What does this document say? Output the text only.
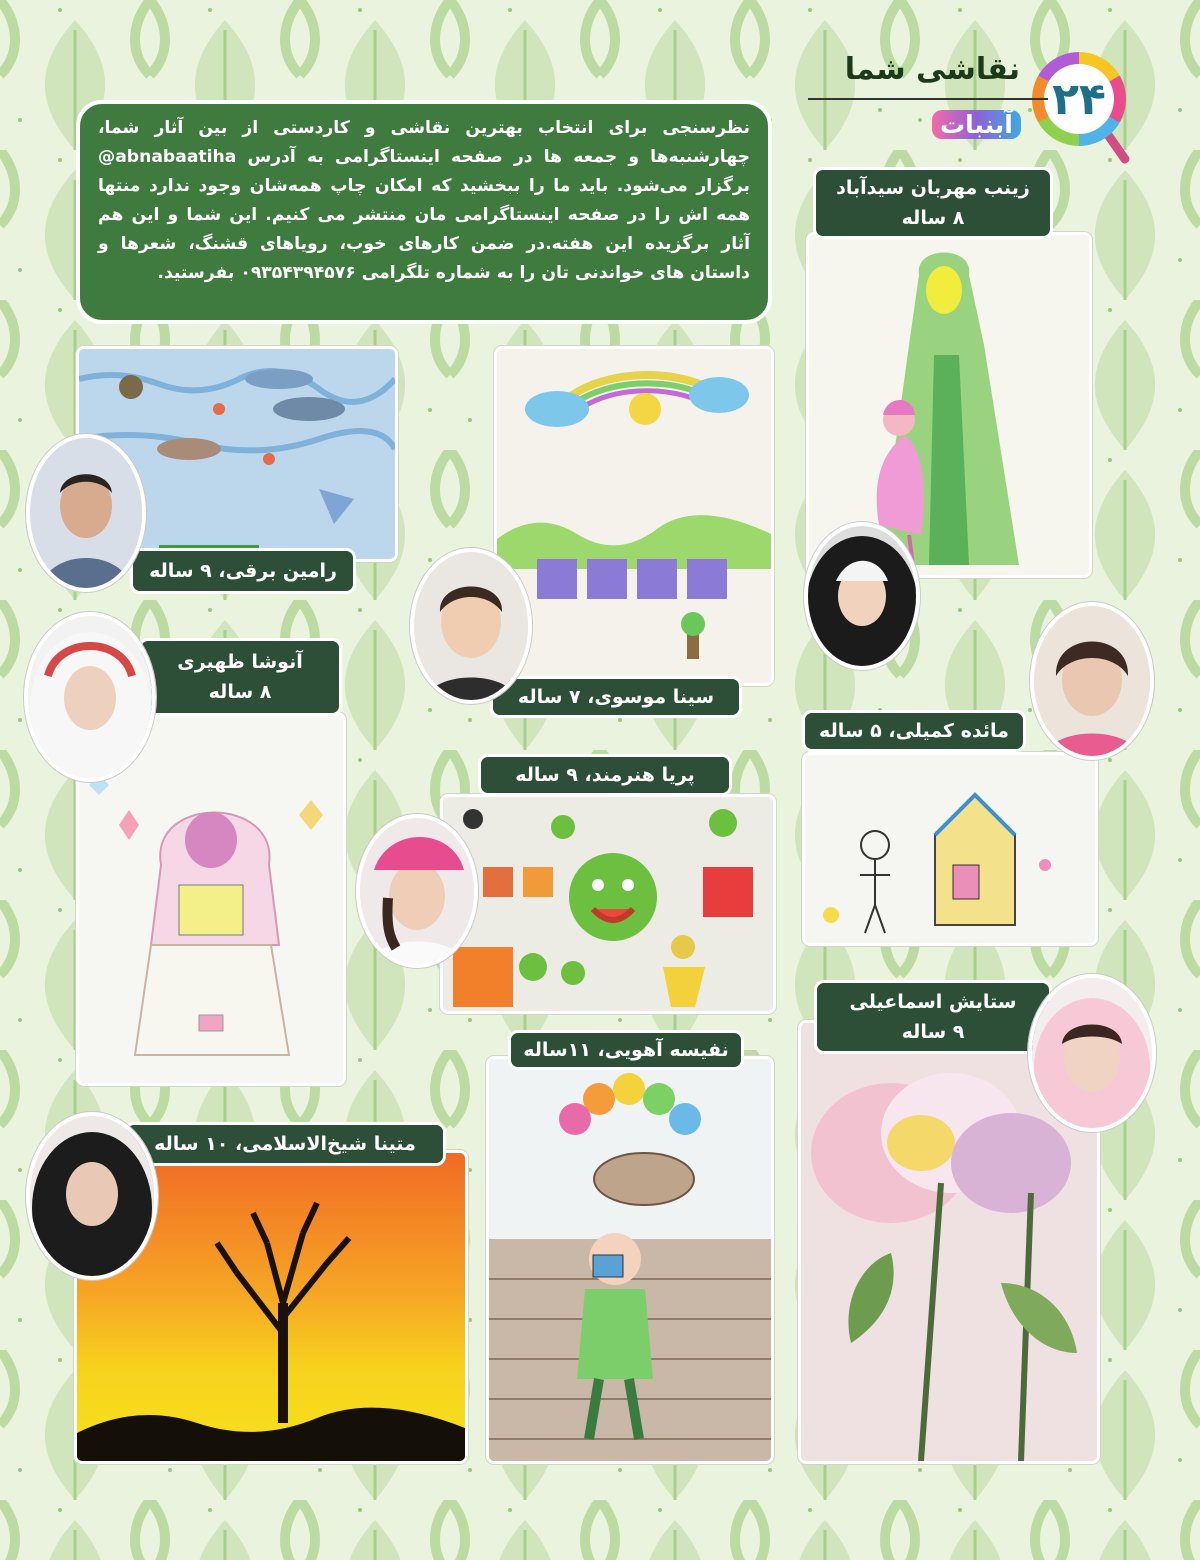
۲۴
نقاشی شما
آبنبات
نظرسنجی برای انتخاب بهترین نقاشی و کاردستی از بین آثار شما، چهارشنبه‌ها و جمعه ها در صفحه اینستاگرامی به آدرس abnabaatiha@ برگزار می‌شود. باید ما را ببخشید که امکان چاپ همه‌شان وجود ندارد منتها همه اش را در صفحه اینستاگرامی مان منتشر می کنیم. این شما و این هم آثار برگزیده این هفته.در ضمن کارهای خوب، رویاهای قشنگ، شعرها و داستان های خواندنی تان را به شماره تلگرامی ۰۹۳۵۴۳۹۴۵۷۶ بفرستید.
زینب مهربان سیدآباد
۸ ساله
رامین برقی، ۹ ساله
سینا موسوی، ۷ ساله
مائده کمیلی، ۵ ساله
آنوشا ظهیری
۸ ساله
پریا هنرمند، ۹ ساله
ستایش اسماعیلی
۹ ساله
نفیسه آهویی، ۱۱ساله
متینا شیخ‌الاسلامی، ۱۰ ساله
